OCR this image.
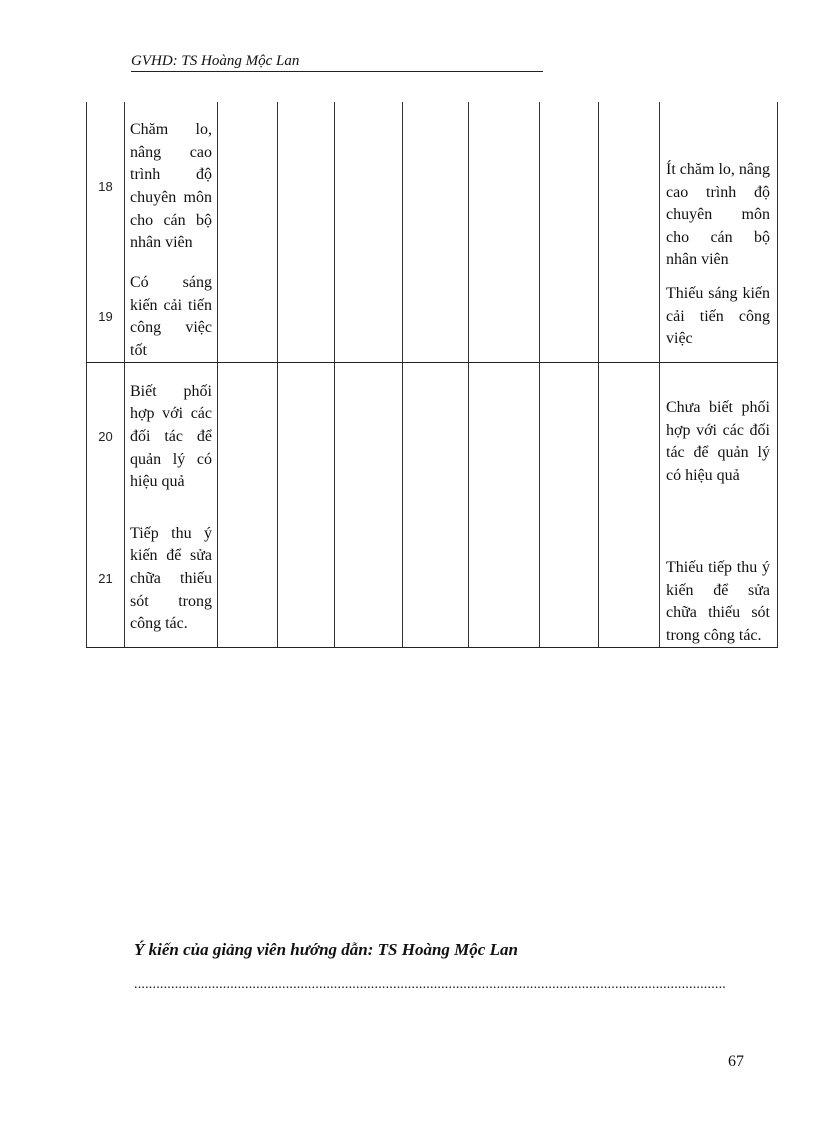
GVHD: TS Hoàng Mộc Lan
18	Chăm lo, nâng cao trình độ chuyên môn cho cán bộ nhân viên								Ít chăm lo, nâng cao trình độ chuyên môn cho cán bộ nhân viên
19	Có sáng kiến cải tiến công việc tốt								Thiếu sáng kiến cải tiến công việc
20	Biết phối hợp với các đối tác để quản lý có hiệu quả								Chưa biết phối hợp với các đối tác để quản lý có hiệu quả
21	Tiếp thu ý kiến để sửa chữa thiếu sót trong công tác.								Thiếu tiếp thu ý kiến để sửa chữa thiếu sót trong công tác.
Ý kiến của giảng viên hướng dẫn: TS Hoàng Mộc Lan
................................................................................................................................................................
67
